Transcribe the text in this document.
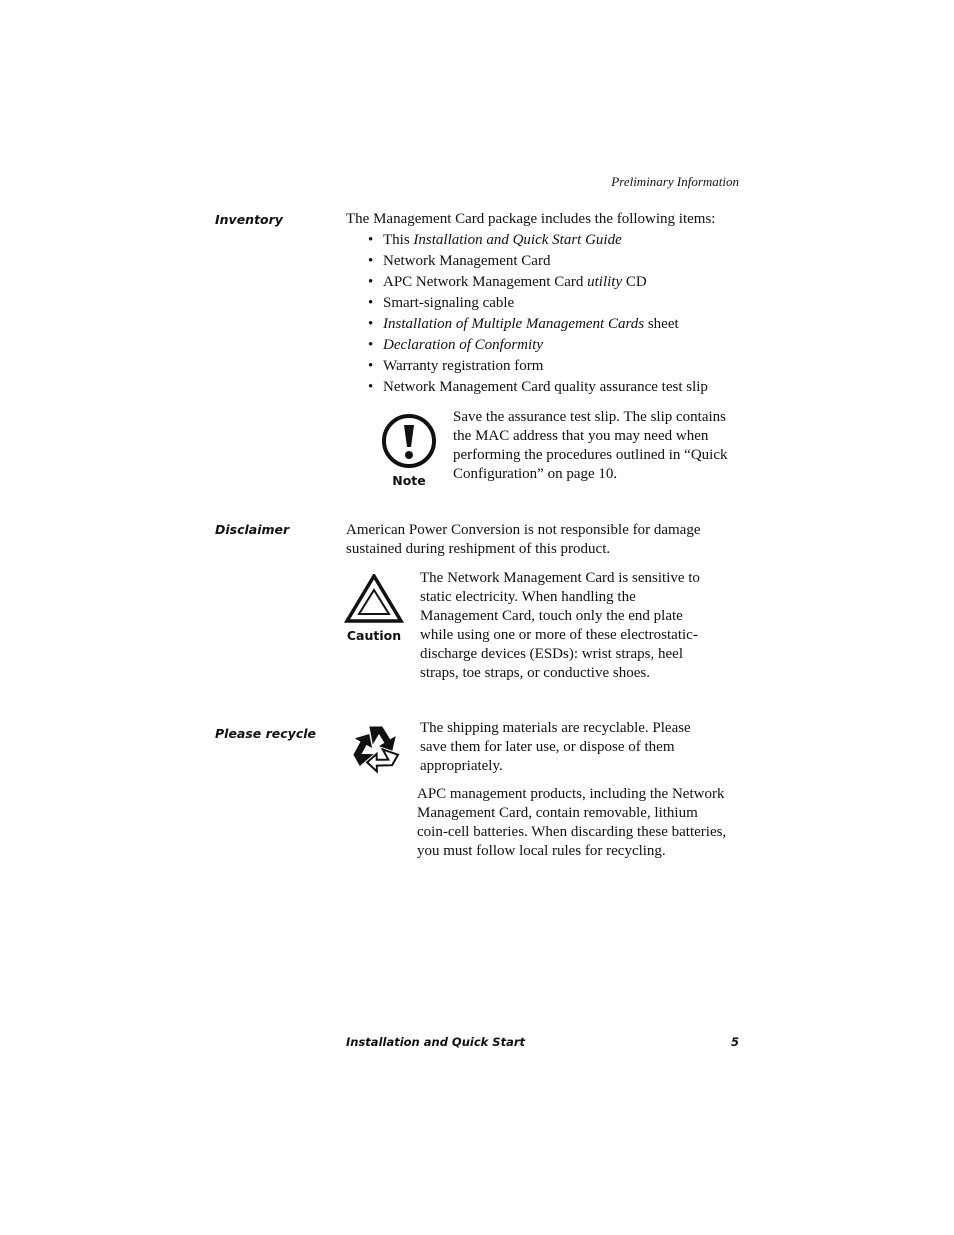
Preliminary Information
Inventory	The Management Card package includes the following items:
• This Installation and Quick Start Guide
• Network Management Card
• APC Network Management Card utility CD
• Smart-signaling cable
• Installation of Multiple Management Cards sheet
• Declaration of Conformity
• Warranty registration form
• Network Management Card quality assurance test slip
Note
Save the assurance test slip. The slip contains
the MAC address that you may need when
performing the procedures outlined in “Quick
Configuration” on page 10.
Disclaimer	American Power Conversion is not responsible for damage
sustained during reshipment of this product.
Caution
The Network Management Card is sensitive to
static electricity. When handling the
Management Card, touch only the end plate
while using one or more of these electrostatic-
discharge devices (ESDs): wrist straps, heel
straps, toe straps, or conductive shoes.
Please recycle	The shipping materials are recyclable. Please
save them for later use, or dispose of them
appropriately.
APC management products, including the Network
Management Card, contain removable, lithium
coin-cell batteries. When discarding these batteries,
you must follow local rules for recycling.
Installation and Quick Start	5
